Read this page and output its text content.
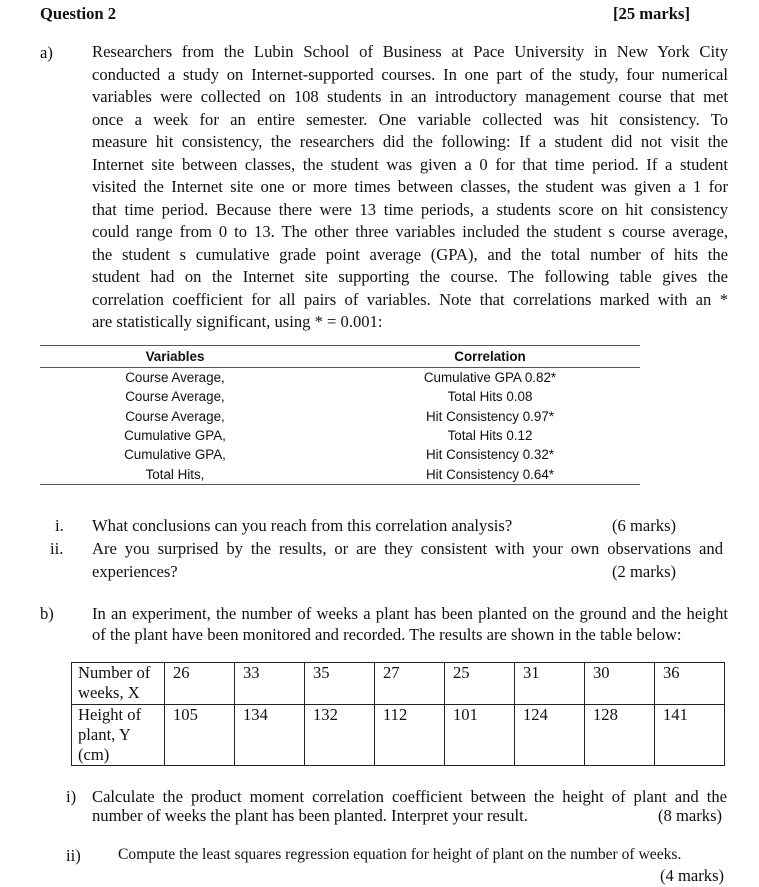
Question 2	[25 marks]
a) Researchers from the Lubin School of Business at Pace University in New York City
conducted a study on Internet-supported courses. In one part of the study, four numerical
variables were collected on 108 students in an introductory management course that met
once a week for an entire semester. One variable collected was hit consistency. To
measure hit consistency, the researchers did the following: If a student did not visit the
Internet site between classes, the student was given a 0 for that time period. If a student
visited the Internet site one or more times between classes, the student was given a 1 for
that time period. Because there were 13 time periods, a students score on hit consistency
could range from 0 to 13. The other three variables included the student s course average,
the student s cumulative grade point average (GPA), and the total number of hits the
student had on the Internet site supporting the course. The following table gives the
correlation coefficient for all pairs of variables. Note that correlations marked with an *
are statistically significant, using * = 0.001:
Variables	Correlation
Course Average,	Cumulative GPA 0.82*
Course Average,	Total Hits 0.08
Course Average,	Hit Consistency 0.97*
Cumulative GPA,	Total Hits 0.12
Cumulative GPA,	Hit Consistency 0.32*
Total Hits,	Hit Consistency 0.64*
i. What conclusions can you reach from this correlation analysis?	(6 marks)
ii. Are you surprised by the results, or are they consistent with your own observations and
experiences?	(2 marks)
b) In an experiment, the number of weeks a plant has been planted on the ground and the height
of the plant have been monitored and recorded. The results are shown in the table below:
Number of
weeks, X	26	33	35	27	25	31	30	36
Height of
plant, Y (cm)	105	134	132	112	101	124	128	141
i) Calculate the product moment correlation coefficient between the height of plant and the
number of weeks the plant has been planted. Interpret your result.	(8 marks)
ii) Compute the least squares regression equation for height of plant on the number of weeks.
(4 marks)
